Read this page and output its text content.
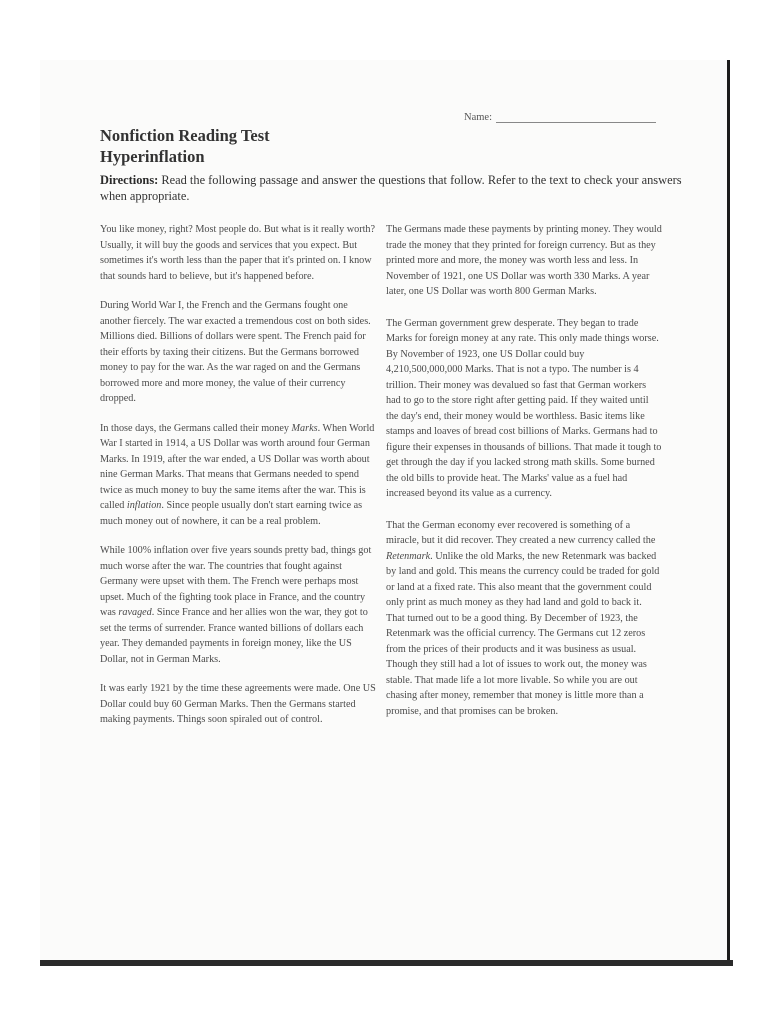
Name:
Nonfiction Reading Test
Hyperinflation
Directions: Read the following passage and answer the questions that follow. Refer to the text to check your answers when appropriate.

You like money, right? Most people do. But what is it really worth? Usually, it will buy the goods and services that you expect. But sometimes it's worth less than the paper that it's printed on. I know that sounds hard to believe, but it's happened before.

During World War I, the French and the Germans fought one another fiercely. The war exacted a tremendous cost on both sides. Millions died. Billions of dollars were spent. The French paid for their efforts by taxing their citizens. But the Germans borrowed money to pay for the war. As the war raged on and the Germans borrowed more and more money, the value of their currency dropped.

In those days, the Germans called their money Marks. When World War I started in 1914, a US Dollar was worth around four German Marks. In 1919, after the war ended, a US Dollar was worth about nine German Marks. That means that Germans needed to spend twice as much money to buy the same items after the war. This is called inflation. Since people usually don't start earning twice as much money out of nowhere, it can be a real problem.

While 100% inflation over five years sounds pretty bad, things got much worse after the war. The countries that fought against Germany were upset with them. The French were perhaps most upset. Much of the fighting took place in France, and the country was ravaged. Since France and her allies won the war, they got to set the terms of surrender. France wanted billions of dollars each year. They demanded payments in foreign money, like the US Dollar, not in German Marks.

It was early 1921 by the time these agreements were made. One US Dollar could buy 60 German Marks. Then the Germans started making payments. Things soon spiraled out of control.

The Germans made these payments by printing money. They would trade the money that they printed for foreign currency. But as they printed more and more, the money was worth less and less. In November of 1921, one US Dollar was worth 330 Marks. A year later, one US Dollar was worth 800 German Marks.

The German government grew desperate. They began to trade Marks for foreign money at any rate. This only made things worse. By November of 1923, one US Dollar could buy 4,210,500,000,000 Marks. That is not a typo. The number is 4 trillion. Their money was devalued so fast that German workers had to go to the store right after getting paid. If they waited until the day's end, their money would be worthless. Basic items like stamps and loaves of bread cost billions of Marks. Germans had to figure their expenses in thousands of billions. That made it tough to get through the day if you lacked strong math skills. Some burned the old bills to provide heat. The Marks' value as a fuel had increased beyond its value as a currency.

That the German economy ever recovered is something of a miracle, but it did recover. They created a new currency called the Retenmark. Unlike the old Marks, the new Retenmark was backed by land and gold. This means the currency could be traded for gold or land at a fixed rate. This also meant that the government could only print as much money as they had land and gold to back it. That turned out to be a good thing. By December of 1923, the Retenmark was the official currency. The Germans cut 12 zeros from the prices of their products and it was business as usual. Though they still had a lot of issues to work out, the money was stable. That made life a lot more livable. So while you are out chasing after money, remember that money is little more than a promise, and that promises can be broken.
